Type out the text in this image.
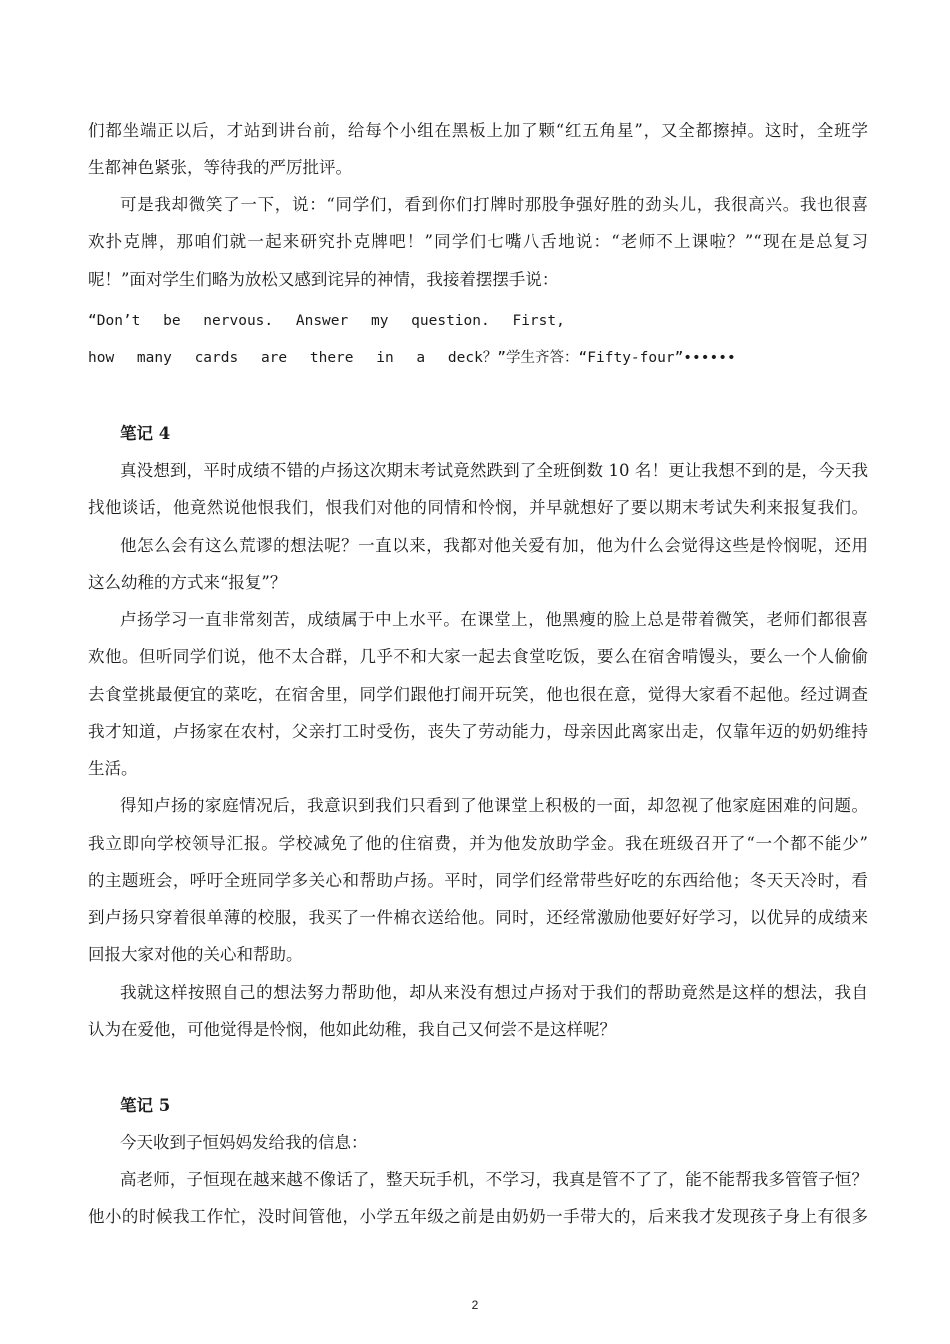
们都坐端正以后，才站到讲台前，给每个小组在黑板上加了颗“红五角星”，又全都擦掉。这时，全班学
生都神色紧张，等待我的严厉批评。
可是我却微笑了一下，说：“同学们，看到你们打牌时那股争强好胜的劲头儿，我很高兴。我也很喜
欢扑克牌，那咱们就一起来研究扑克牌吧！”同学们七嘴八舌地说：“老师不上课啦？”“现在是总复习
呢！”面对学生们略为放松又感到诧异的神情，我接着摆摆手说：
“Don’t be nervous. Answer my question. First,
how many cards are there in a deck？”学生齐答：“Fifty-four”••••••
笔记 4
真没想到，平时成绩不错的卢扬这次期末考试竟然跌到了全班倒数 10 名！更让我想不到的是，今天我
找他谈话，他竟然说他恨我们，恨我们对他的同情和怜悯，并早就想好了要以期末考试失利来报复我们。
他怎么会有这么荒谬的想法呢？一直以来，我都对他关爱有加，他为什么会觉得这些是怜悯呢，还用
这么幼稚的方式来“报复”？
卢扬学习一直非常刻苦，成绩属于中上水平。在课堂上，他黑瘦的脸上总是带着微笑，老师们都很喜
欢他。但听同学们说，他不太合群，几乎不和大家一起去食堂吃饭，要么在宿舍啃馒头，要么一个人偷偷
去食堂挑最便宜的菜吃，在宿舍里，同学们跟他打闹开玩笑，他也很在意，觉得大家看不起他。经过调查
我才知道，卢扬家在农村，父亲打工时受伤，丧失了劳动能力，母亲因此离家出走，仅靠年迈的奶奶维持
生活。
得知卢扬的家庭情况后，我意识到我们只看到了他课堂上积极的一面，却忽视了他家庭困难的问题。
我立即向学校领导汇报。学校减免了他的住宿费，并为他发放助学金。我在班级召开了“一个都不能少”
的主题班会，呼吁全班同学多关心和帮助卢扬。平时，同学们经常带些好吃的东西给他；冬天天冷时，看
到卢扬只穿着很单薄的校服，我买了一件棉衣送给他。同时，还经常激励他要好好学习，以优异的成绩来
回报大家对他的关心和帮助。
我就这样按照自己的想法努力帮助他，却从来没有想过卢扬对于我们的帮助竟然是这样的想法，我自
认为在爱他，可他觉得是怜悯，他如此幼稚，我自己又何尝不是这样呢？
笔记 5
今天收到子恒妈妈发给我的信息：
高老师，子恒现在越来越不像话了，整天玩手机，不学习，我真是管不了了，能不能帮我多管管子恒？
他小的时候我工作忙，没时间管他，小学五年级之前是由奶奶一手带大的，后来我才发现孩子身上有很多
2
